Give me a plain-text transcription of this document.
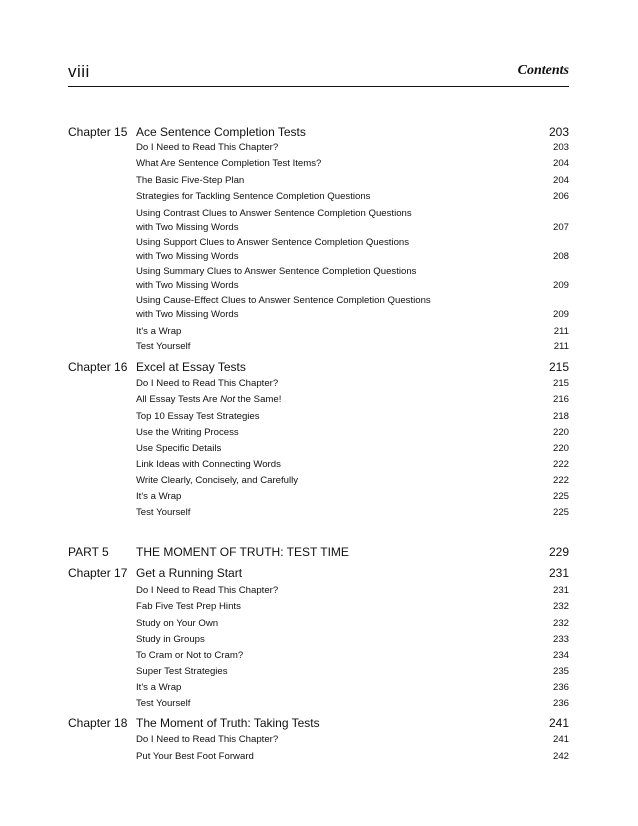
viii	Contents
Chapter 15 Ace Sentence Completion Tests	203
Do I Need to Read This Chapter?	203
What Are Sentence Completion Test Items?	204
The Basic Five-Step Plan	204
Strategies for Tackling Sentence Completion Questions	206
Using Contrast Clues to Answer Sentence Completion Questions
with Two Missing Words	207
Using Support Clues to Answer Sentence Completion Questions
with Two Missing Words	208
Using Summary Clues to Answer Sentence Completion Questions
with Two Missing Words	209
Using Cause-Effect Clues to Answer Sentence Completion Questions
with Two Missing Words	209
It's a Wrap	211
Test Yourself	211
Chapter 16 Excel at Essay Tests	215
Do I Need to Read This Chapter?	215
All Essay Tests Are Not the Same!	216
Top 10 Essay Test Strategies	218
Use the Writing Process	220
Use Specific Details	220
Link Ideas with Connecting Words	222
Write Clearly, Concisely, and Carefully	222
It's a Wrap	225
Test Yourself	225
PART 5 THE MOMENT OF TRUTH: TEST TIME	229
Chapter 17 Get a Running Start	231
Do I Need to Read This Chapter?	231
Fab Five Test Prep Hints	232
Study on Your Own	232
Study in Groups	233
To Cram or Not to Cram?	234
Super Test Strategies	235
It's a Wrap	236
Test Yourself	236
Chapter 18 The Moment of Truth: Taking Tests	241
Do I Need to Read This Chapter?	241
Put Your Best Foot Forward	242
